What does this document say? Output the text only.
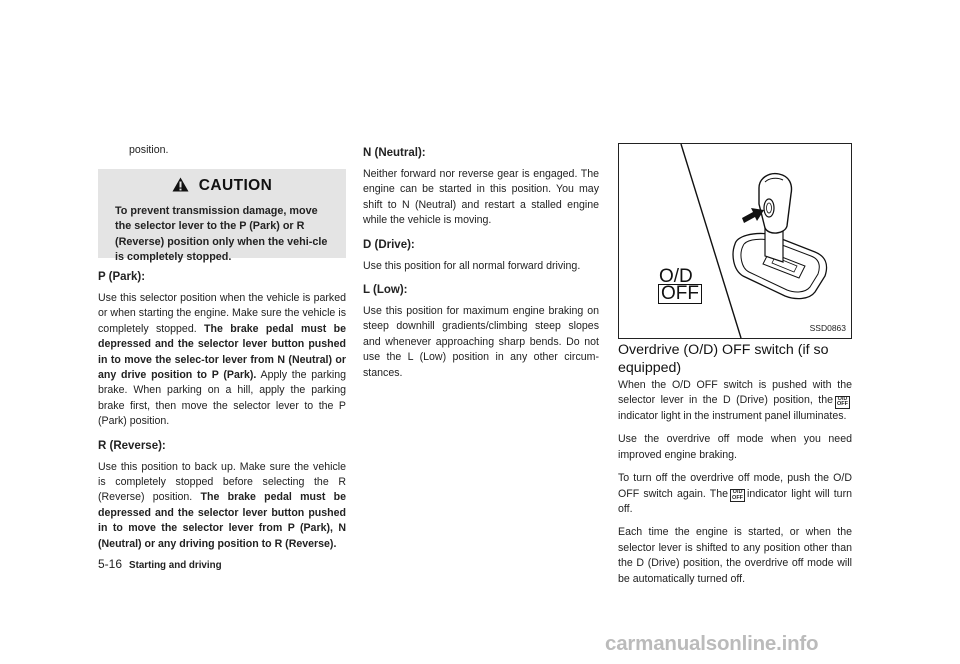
position.

CAUTION
To prevent transmission damage, move the selector lever to the P (Park) or R (Reverse) position only when the vehi-cle is completely stopped.
P (Park):

Use this selector position when the vehicle is parked or when starting the engine. Make sure the vehicle is completely stopped. The brake pedal must be depressed and the selector lever button pushed in to move the selec-tor lever from N (Neutral) or any drive position to P (Park). Apply the parking brake. When parking on a hill, apply the parking brake first, then move the selector lever to the P (Park) position.

R (Reverse):

Use this position to back up. Make sure the vehicle is completely stopped before selecting the R (Reverse) position. The brake pedal must be depressed and the selector lever button pushed in to move the selector lever from P (Park), N (Neutral) or any driving position to R (Reverse).

N (Neutral):

Neither forward nor reverse gear is engaged. The engine can be started in this position. You may shift to N (Neutral) and restart a stalled engine while the vehicle is moving.

D (Drive):

Use this position for all normal forward driving.

L (Low):

Use this position for maximum engine braking on steep downhill gradients/climbing steep slopes and whenever approaching sharp bends. Do not use the L (Low) position in any other circum-stances.

O/D
OFF
SSD0863
Overdrive (O/D) OFF switch (if so equipped)

When the O/D OFF switch is pushed with the selector lever in the D (Drive) position, the O/D
OFFindicator light in the instrument panel illuminates.

Use the overdrive off mode when you need improved engine braking.

To turn off the overdrive off mode, push the O/D OFF switch again. The O/D
OFF indicator light will turn off.

Each time the engine is started, or when the selector lever is shifted to any position other than the D (Drive) position, the overdrive off mode will be automatically turned off.

5-16 Starting and driving
carmanualsonline.info
